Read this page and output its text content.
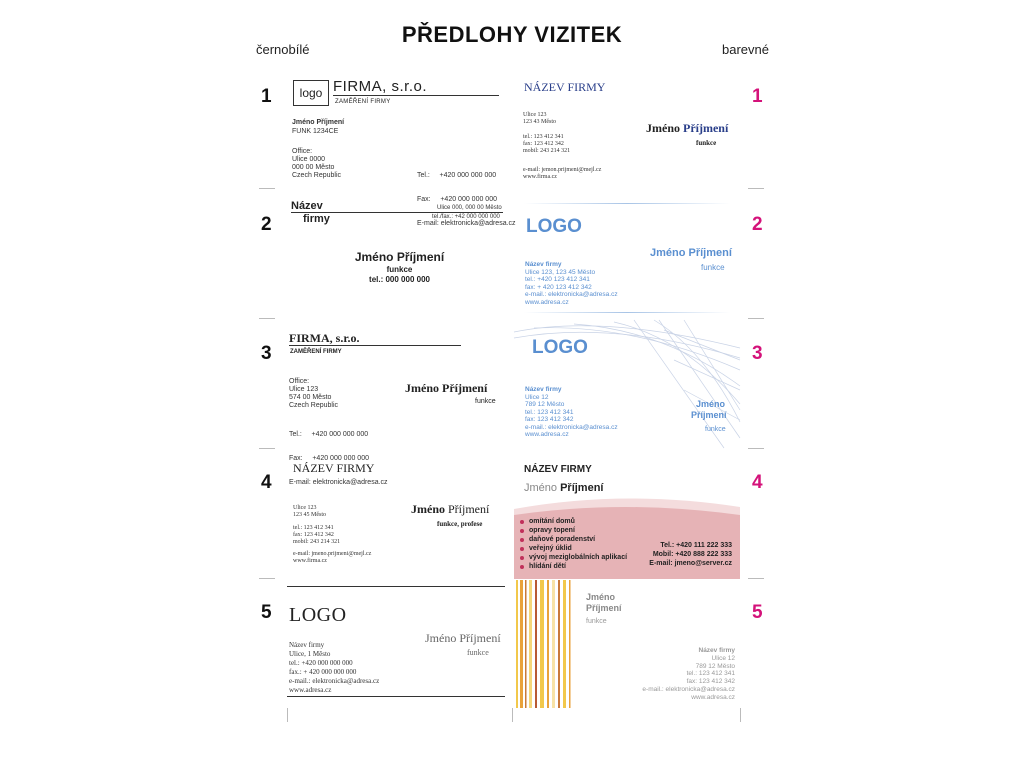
PŘEDLOHY VIZITEK
černobílé	barevné
1
2
3
4
5
1
2
3
4
5
logo FIRMA, s.r.o.
ZAMĚŘENÍ FIRMY
Jméno Příjmení
FUNK 1234CE
Office:
Ulice 0000
000 00 Město
Czech Republic

	Tel.:     +420 000 000 000

Fax:     +420 000 000 000

E-mail: elektronicka@adresa.cz

Název
firmy
Ulice 000, 000 00 Město
tel./fax.: +42 000 000 000
Jméno Příjmení
funkce
tel.: 000 000 000
FIRMA, s.r.o.
ZAMĚŘENÍ FIRMY
Office:
Ulice 123
574 00 Město
Czech Republic

Tel.:     +420 000 000 000

Fax:     +420 000 000 000

E-mail: elektronicka@adresa.cz

Jméno Příjmení
funkce
NÁZEV FIRMY
Ulice 123
123 45 Město
tel.: 123 412 341
fax: 123 412 342
mobil: 243 214 321
e-mail: jmeno.prijmeni@mejl.cz
www.firma.cz
Jméno Příjmení
funkce, profese
LOGO
Název firmy
Ulice, 1 Město
tel.: +420 000 000 000
fax.: + 420 000 000 000
e-mail.: elektronicka@adresa.cz
www.adresa.cz
Jméno Příjmení
funkce
NÁZEV FIRMY
Ulice 123
123 43 Město
tel.: 123 412 341
fax: 123 412 342
mobil: 243 214 321
e-mail: jemon.prijmeni@mejl.cz
www.firma.cz
Jméno Příjmení
funkce
LOGO
Jméno Příjmení
funkce
Název firmy
Ulice 123, 123 45 Město
tel.: +420 123 412 341
fax: + 420 123 412 342
e-mail.: elektronicka@adresa.cz
www.adresa.cz
LOGO
Název firmy
Ulice 12
789 12 Město
tel.: 123 412 341
fax: 123 412 342
e-mail.: elektronicka@adresa.cz
www.adresa.cz
Jméno
Příjmení
funkce
NÁZEV FIRMY
Jméno Příjmení
omítání domů
opravy topení
daňové poradenství
veřejný úklid
vývoj meziglobálních aplikací
hlídání dětí
Tel.: +420 111 222 333
Mobil: +420 888 222 333
E-mail: jmeno@server.cz
Jméno
Příjmení
funkce
Název firmy
Ulice 12
789 12 Město
tel.: 123 412 341
fax: 123 412 342
e-mail.: elektronicka@adresa.cz
www.adresa.cz
